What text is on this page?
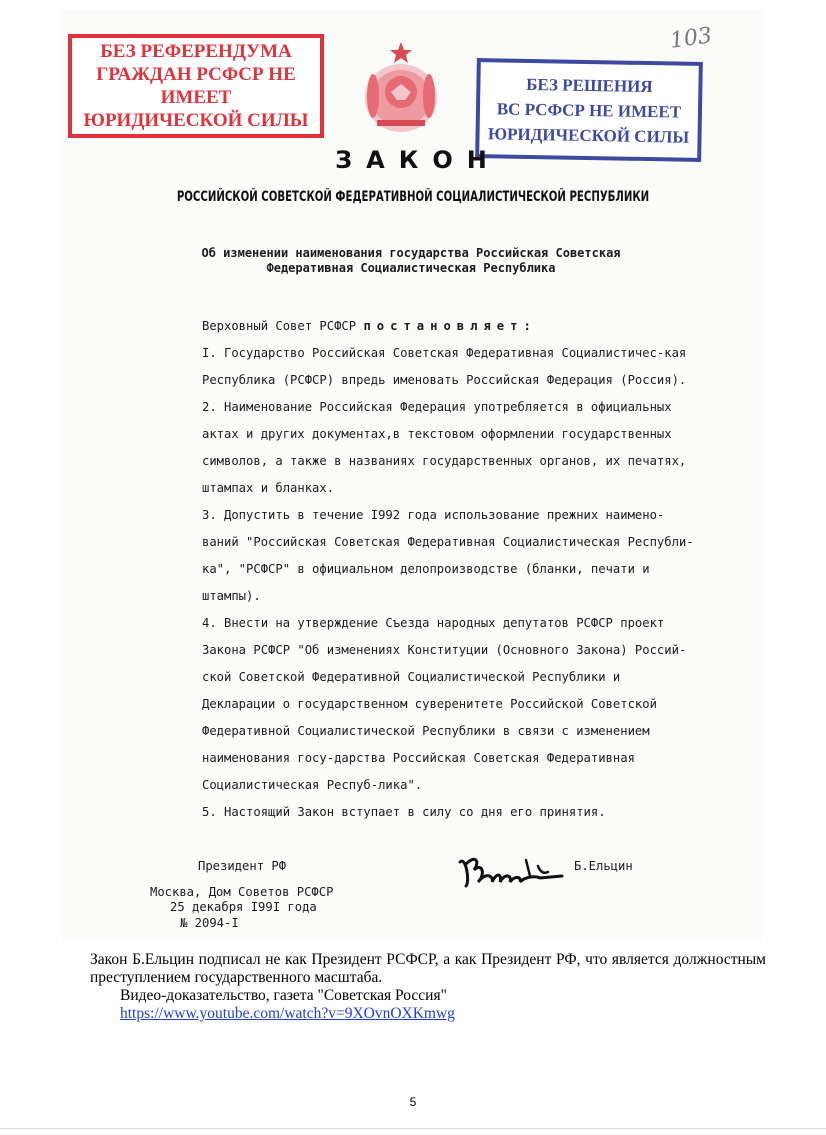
103
БЕЗ РЕФЕРЕНДУМА
ГРАЖДАН РСФСР НЕ
ИМЕЕТ
ЮРИДИЧЕСКОЙ СИЛЫ
БЕЗ РЕШЕНИЯ
ВС РСФСР НЕ ИМЕЕТ
ЮРИДИЧЕСКОЙ СИЛЫ
ЗАКОН
РОССИЙСКОЙ СОВЕТСКОЙ ФЕДЕРАТИВНОЙ СОЦИАЛИСТИЧЕСКОЙ РЕСПУБЛИКИ
Об изменении наименования государства Российская Советская
Федеративная Социалистическая Республика

Верховный Совет РСФСР постановляет:

I. Государство Российская Советская Федеративная Социалистичес-кая Республика (РСФСР) впредь именовать Российская Федерация (Россия).

2. Наименование Российская Федерация употребляется в официальных актах и других документах,в текстовом оформлении государственных символов, а также в названиях государственных органов, их печатях, штампах и бланках.

3. Допустить в течение I992 года использование прежних наимено-ваний "Российская Советская Федеративная Социалистическая Республи-ка", "РСФСР" в официальном делопроизводстве (бланки, печати и штампы).

4. Внести на утверждение Съезда народных депутатов РСФСР проект Закона РСФСР "Об изменениях Конституции (Основного Закона) Россий-ской Советской Федеративной Социалистической Республики и Декларации о государственном суверенитете Российской Советской Федеративной Социалистической Республики в связи с изменением наименования госу-дарства Российская Советская Федеративная Социалистическая Респуб-лика".

5. Настоящий Закон вступает в силу со дня его принятия.

Президент РФ
Москва, Дом Советов РСФСР
25 декабря I99I года
№ 2094-I
Б.Ельцин

Закон Б.Ельцин подписал не как Президент РСФСР, а как Президент РФ, что является должностным преступлением государственного масштаба.

Видео-доказательство, газета "Советская Россия"

https://www.youtube.com/watch?v=9XOvnOXKmwg

5
